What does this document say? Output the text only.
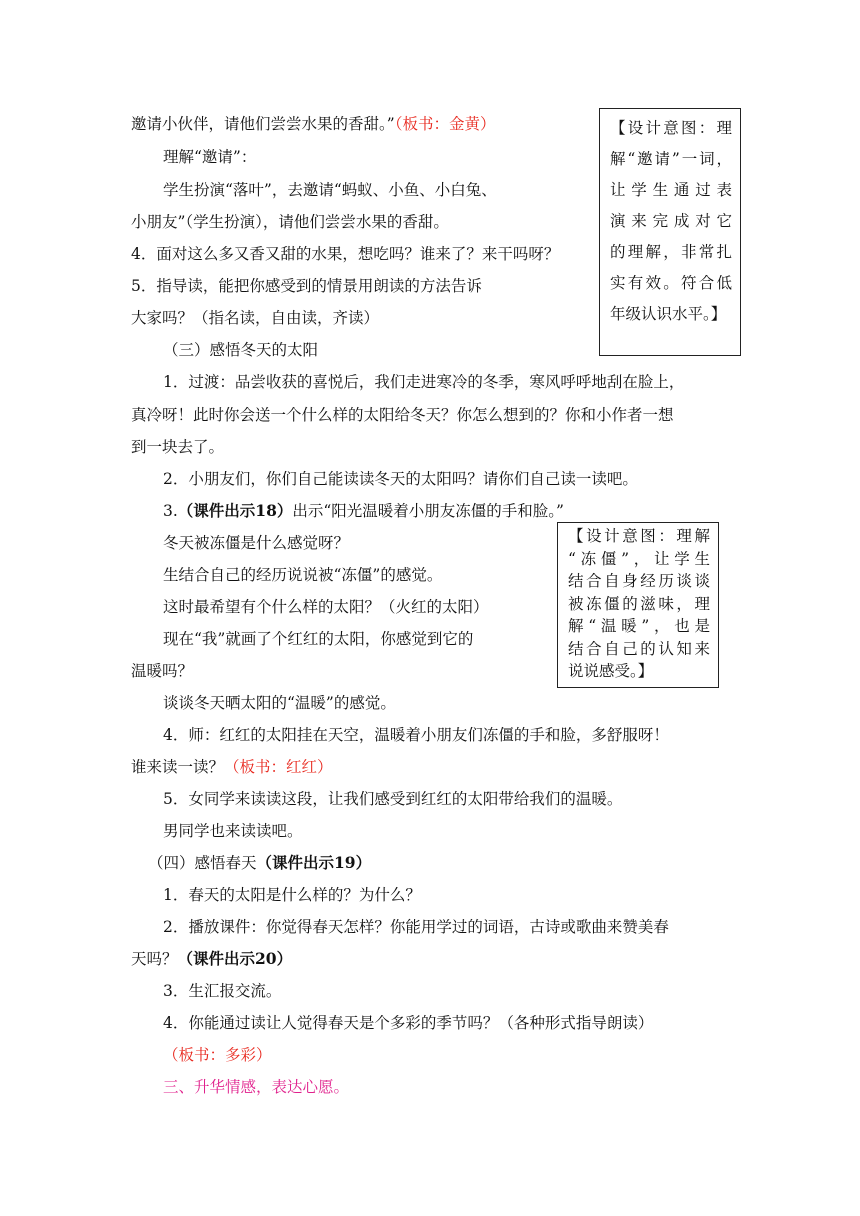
邀请小伙伴，请他们尝尝水果的香甜。”（板书：金黄）
理解“邀请”：
学生扮演“落叶”，去邀请“蚂蚁、小鱼、小白兔、
小朋友”（学生扮演），请他们尝尝水果的香甜。
4．面对这么多又香又甜的水果，想吃吗？谁来了？来干吗呀？
5．指导读，能把你感受到的情景用朗读的方法告诉
大家吗？（指名读，自由读，齐读）
（三）感悟冬天的太阳
1．过渡：品尝收获的喜悦后，我们走进寒冷的冬季，寒风呼呼地刮在脸上，
真冷呀！此时你会送一个什么样的太阳给冬天？你怎么想到的？你和小作者一想
到一块去了。
2．小朋友们，你们自己能读读冬天的太阳吗？请你们自己读一读吧。
3.（课件出示18）出示“阳光温暖着小朋友冻僵的手和脸。”
冬天被冻僵是什么感觉呀？
生结合自己的经历说说被“冻僵”的感觉。
这时最希望有个什么样的太阳？（火红的太阳）
现在“我”就画了个红红的太阳，你感觉到它的
温暖吗？
谈谈冬天晒太阳的“温暖”的感觉。
4．师：红红的太阳挂在天空，温暖着小朋友们冻僵的手和脸，多舒服呀！
谁来读一读？（板书：红红）
5．女同学来读读这段，让我们感受到红红的太阳带给我们的温暖。
男同学也来读读吧。
（四）感悟春天（课件出示19）
1．春天的太阳是什么样的？为什么？
2．播放课件：你觉得春天怎样？你能用学过的词语，古诗或歌曲来赞美春
天吗？（课件出示20）
3．生汇报交流。
4．你能通过读让人觉得春天是个多彩的季节吗？（各种形式指导朗读）
（板书：多彩）
三、升华情感，表达心愿。
【设计意图：理
解“邀请”一词，
让学生通过表
演来完成对它
的理解，非常扎
实有效。符合低
年级认识水平。】
【设计意图：理解
“冻僵”，让学生
结合自身经历谈谈
被冻僵的滋味，理
解“温暖”，也是
结合自己的认知来
说说感受。】
